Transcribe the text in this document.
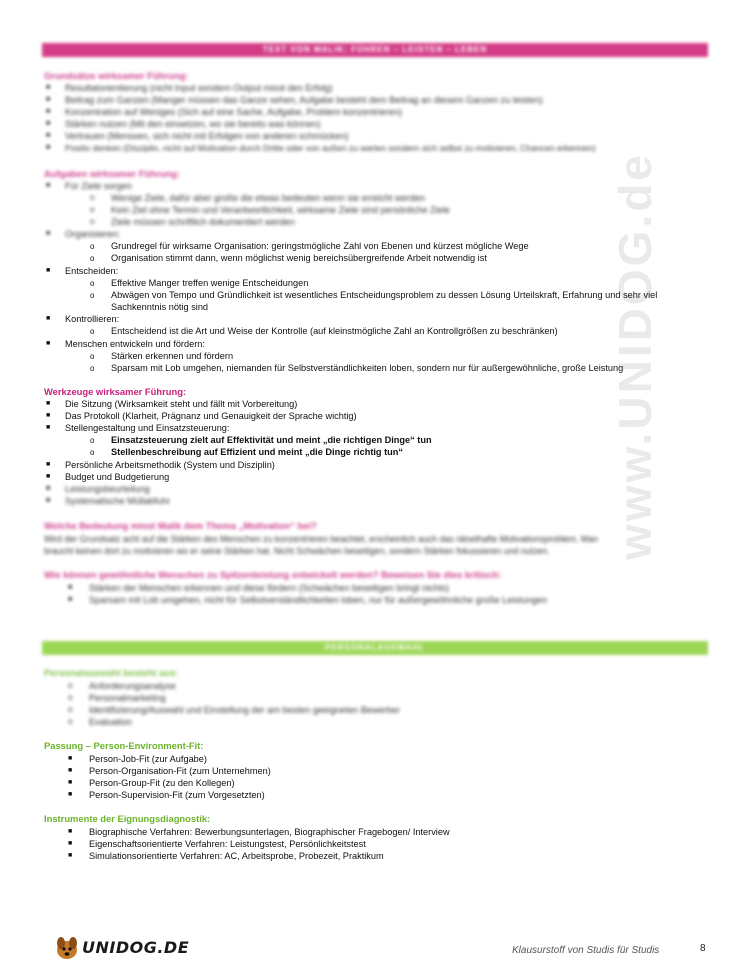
www.UNIDOG.de
TEXT VON MALIK: FÜHREN – LEISTEN – LEBEN
Grundsätze wirksamer Führung:
■ Resultatorientierung (nicht Input sondern Output misst den Erfolg)
■ Beitrag zum Ganzen (Manger müssen das Ganze sehen, Aufgabe besteht dem Beitrag an diesem Ganzen zu leisten)
■ Konzentration auf Weniges (Sich auf eine Sache, Aufgabe, Problem konzentrieren)
■ Stärken nutzen (Mit den einsetzen, wo sie bereits was können)
■ Vertrauen (Mensxen, sich nicht mit Erfolgen von anderen schmücken)
■ Positiv denken (Disziplin, nicht auf Motivation durch Dritte oder von außen zu warten sondern sich selbst zu motivieren, Chancen erkennen)
Aufgaben wirksamer Führung:
■ Für Ziele sorgen
o Wenige Ziele, dafür aber große die etwas bedeuten wenn sie erreicht werden
o Kein Ziel ohne Termin und Verantwortlichkeit, wirksame Ziele sind persönliche Ziele
o Ziele müssen schriftlich dokumentiert werden
■ Organisieren:
o Grundregel für wirksame Organisation: geringstmögliche Zahl von Ebenen und kürzest mögliche Wege
o Organisation stimmt dann, wenn möglichst wenig bereichsübergreifende Arbeit notwendig ist
■ Entscheiden:
o Effektive Manger treffen wenige Entscheidungen
o Abwägen von Tempo und Gründlichkeit ist wesentliches Entscheidungsproblem zu dessen Lösung Urteilskraft, Erfahrung und sehr viel
Sachkenntnis nötig sind
■ Kontrollieren:
o Entscheidend ist die Art und Weise der Kontrolle (auf kleinstmögliche Zahl an Kontrollgrößen zu beschränken)
■ Menschen entwickeln und fördern:
o Stärken erkennen und fördern
o Sparsam mit Lob umgehen, niemanden für Selbstverständlichkeiten loben, sondern nur für außergewöhnliche, große Leistung
Werkzeuge wirksamer Führung:
■ Die Sitzung (Wirksamkeit steht und fällt mit Vorbereitung)
■ Das Protokoll (Klarheit, Prägnanz und Genauigkeit der Sprache wichtig)
■ Stellengestaltung und Einsatzsteuerung:
o Einsatzsteuerung zielt auf Effektivität und meint „die richtigen Dinge“ tun
o Stellenbeschreibung auf Effizient und meint „die Dinge richtig tun“
■ Persönliche Arbeitsmethodik (System und Disziplin)
■ Budget und Budgetierung
■ Leistungsbeurteilung
■ Systematische Müllabfuhr
Welche Bedeutung misst Malik dem Thema „Motivation“ bei?
Wird der Grundsatz acht auf die Stärken des Menschen zu konzentrieren beachtet, erscheinlich auch das rätselhafte Motivationsproblem. Man
braucht keinen dort zu motivieren wo er seine Stärken hat. Nicht Schwächen beseitigen, sondern Stärken fokussieren und nutzen.
Wie können gewöhnliche Menschen zu Spitzenleistung entwickelt werden? Beweisen Sie dies kritisch:
■ Stärken der Menschen erkennen und diese fördern (Schwächen beseitigen bringt nichts)
■ Sparsam mit Lob umgehen, nicht für Selbstverständlichkeiten loben, nur für außergewöhnliche große Leistungen
PERSONALAUSWAHL
Personalauswahl besteht aus:
o Anforderungsanalyse
o Personalmarketing
o Identifizierung/Auswahl und Einstellung der am besten geeigneten Bewerber
o Evaluation
Passung – Person-Environment-Fit:
■ Person-Job-Fit (zur Aufgabe)
■ Person-Organisation-Fit (zum Unternehmen)
■ Person-Group-Fit (zu den Kollegen)
■ Person-Supervision-Fit (zum Vorgesetzten)
Instrumente der Eignungsdiagnostik:
■ Biographische Verfahren: Bewerbungsunterlagen, Biographischer Fragebogen/ Interview
■ Eigenschaftsorientierte Verfahren: Leistungstest, Persönlichkeitstest
■ Simulationsorientierte Verfahren: AC, Arbeitsprobe, Probezeit, Praktikum
UNIDOG.DE	Klausurstoff von Studis für Studis	8
